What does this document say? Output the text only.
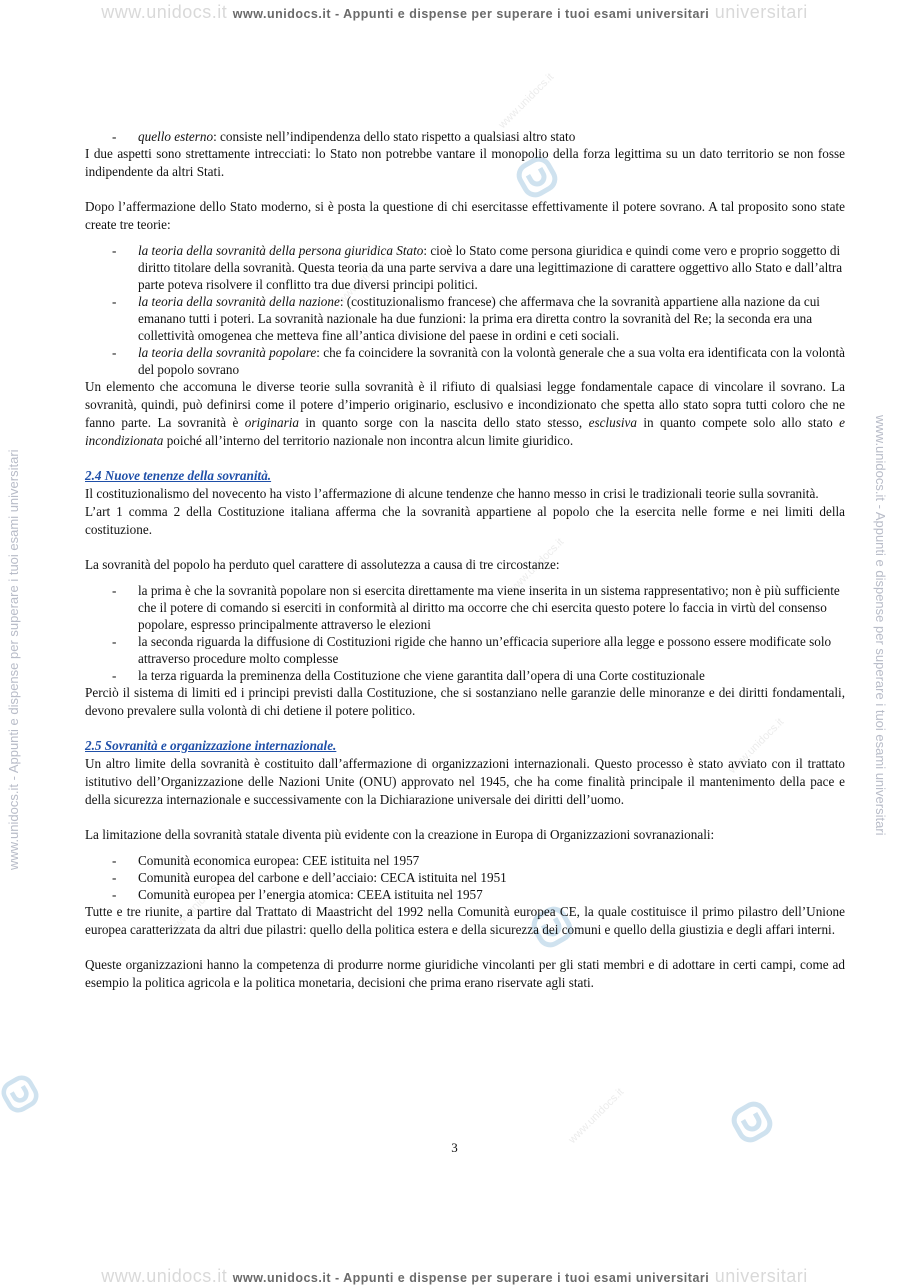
www.unidocs.it www.unidocs.it - Appunti e dispense per superare i tuoi esami universitari universitari
www.unidocs.it - Appunti e dispense per superare i tuoi esami universitari	www.unidocs.it - Appunti e dispense per superare i tuoi esami universitari
www.unidocs.it
www.unidocs.it
www.unidocs.it
www.unidocs.it
www.unidocs.it
www.unidocs.it
- quello esterno: consiste nell’indipendenza dello stato rispetto a qualsiasi altro stato

I due aspetti sono strettamente intrecciati: lo Stato non potrebbe vantare il monopolio della forza legittima su un dato territorio se non fosse indipendente da altri Stati.

Dopo l’affermazione dello Stato moderno, si è posta la questione di chi esercitasse effettivamente il potere sovrano. A tal proposito sono state create tre teorie:

- la teoria della sovranità della persona giuridica Stato: cioè lo Stato come persona giuridica e quindi come vero e proprio soggetto di diritto titolare della sovranità. Questa teoria da una parte serviva a dare una legittimazione di carattere oggettivo allo Stato e dall’altra parte poteva risolvere il conflitto tra due diversi principi politici.
- la teoria della sovranità della nazione: (costituzionalismo francese) che affermava che la sovranità appartiene alla nazione da cui emanano tutti i poteri. La sovranità nazionale ha due funzioni: la prima era diretta contro la sovranità del Re; la seconda era una collettività omogenea che metteva fine all’antica divisione del paese in ordini e ceti sociali.
- la teoria della sovranità popolare: che fa coincidere la sovranità con la volontà generale che a sua volta era identificata con la volontà del popolo sovrano

Un elemento che accomuna le diverse teorie sulla sovranità è il rifiuto di qualsiasi legge fondamentale capace di vincolare il sovrano. La sovranità, quindi, può definirsi come il potere d’imperio originario, esclusivo e incondizionato che spetta allo stato sopra tutti coloro che ne fanno parte. La sovranità è originaria in quanto sorge con la nascita dello stato stesso, esclusiva in quanto compete solo allo stato e incondizionata poiché all’interno del territorio nazionale non incontra alcun limite giuridico.

2.4 Nuove tenenze della sovranità.

Il costituzionalismo del novecento ha visto l’affermazione di alcune tendenze che hanno messo in crisi le tradizionali teorie sulla sovranità.

L’art 1 comma 2 della Costituzione italiana afferma che la sovranità appartiene al popolo che la esercita nelle forme e nei limiti della costituzione.

La sovranità del popolo ha perduto quel carattere di assolutezza a causa di tre circostanze:

- la prima è che la sovranità popolare non si esercita direttamente ma viene inserita in un sistema rappresentativo; non è più sufficiente che il potere di comando si eserciti in conformità al diritto ma occorre che chi esercita questo potere lo faccia in virtù del consenso popolare, espresso principalmente attraverso le elezioni
- la seconda riguarda la diffusione di Costituzioni rigide che hanno un’efficacia superiore alla legge e possono essere modificate solo attraverso procedure molto complesse
- la terza riguarda la preminenza della Costituzione che viene garantita dall’opera di una Corte costituzionale

Perciò il sistema di limiti ed i principi previsti dalla Costituzione, che si sostanziano nelle garanzie delle minoranze e dei diritti fondamentali, devono prevalere sulla volontà di chi detiene il potere politico.

2.5 Sovranità e organizzazione internazionale.

Un altro limite della sovranità è costituito dall’affermazione di organizzazioni internazionali. Questo processo è stato avviato con il trattato istitutivo dell’Organizzazione delle Nazioni Unite (ONU) approvato nel 1945, che ha come finalità principale il mantenimento della pace e della sicurezza internazionale e successivamente con la Dichiarazione universale dei diritti dell’uomo.

La limitazione della sovranità statale diventa più evidente con la creazione in Europa di Organizzazioni sovranazionali:

- Comunità economica europea: CEE istituita nel 1957
- Comunità europea del carbone e dell’acciaio: CECA istituita nel 1951
- Comunità europea per l’energia atomica: CEEA istituita nel 1957

Tutte e tre riunite, a partire dal Trattato di Maastricht del 1992 nella Comunità europea CE, la quale costituisce il primo pilastro dell’Unione europea caratterizzata da altri due pilastri: quello della politica estera e della sicurezza dei comuni e quello della giustizia e degli affari interni.

Queste organizzazioni hanno la competenza di produrre norme giuridiche vincolanti per gli stati membri e di adottare in certi campi, come ad esempio la politica agricola e la politica monetaria, decisioni che prima erano riservate agli stati.

3
www.unidocs.it www.unidocs.it - Appunti e dispense per superare i tuoi esami universitari universitari
